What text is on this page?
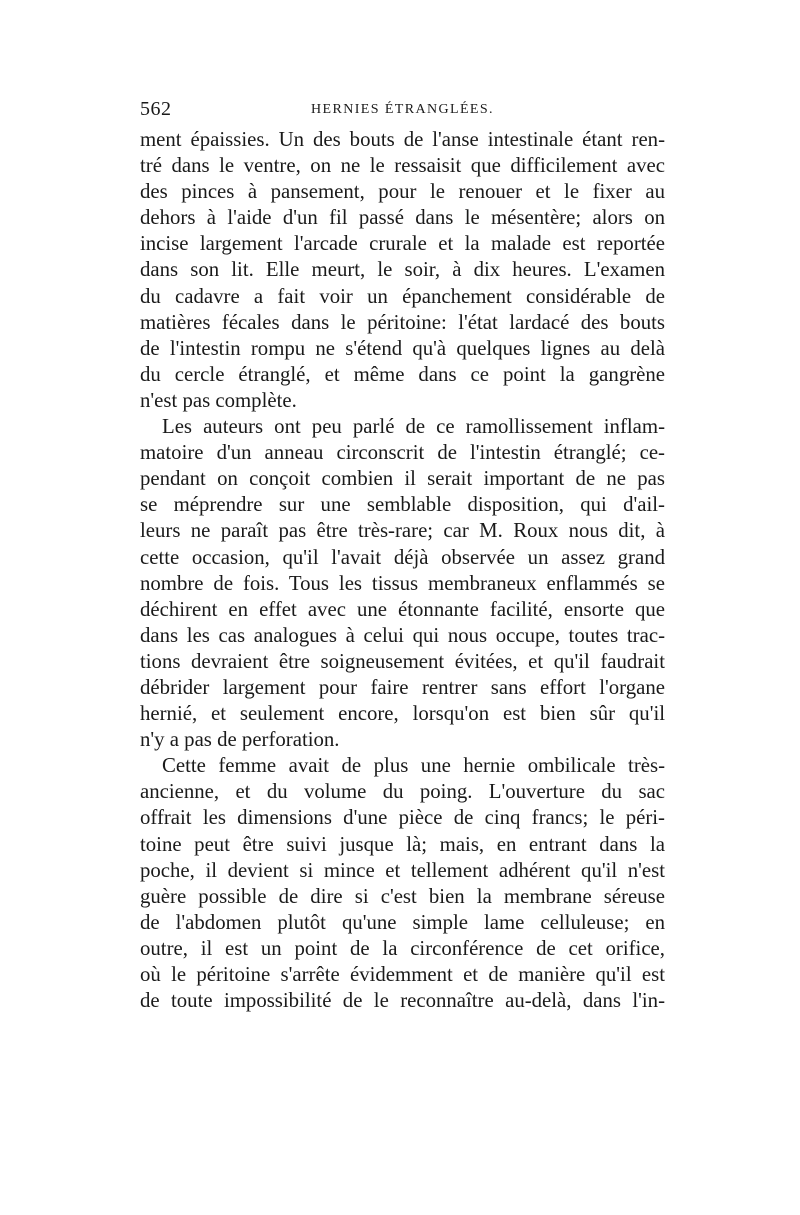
562	HERNIES ÉTRANGLÉES.
ment épaissies. Un des bouts de l'anse intestinale étant ren-
tré dans le ventre, on ne le ressaisit que difficilement avec
des pinces à pansement, pour le renouer et le fixer au
dehors à l'aide d'un fil passé dans le mésentère; alors on
incise largement l'arcade crurale et la malade est reportée
dans son lit. Elle meurt, le soir, à dix heures. L'examen
du cadavre a fait voir un épanchement considérable de
matières fécales dans le péritoine: l'état lardacé des bouts
de l'intestin rompu ne s'étend qu'à quelques lignes au delà
du cercle étranglé, et même dans ce point la gangrène
n'est pas complète.
Les auteurs ont peu parlé de ce ramollissement inflam-
matoire d'un anneau circonscrit de l'intestin étranglé; ce-
pendant on conçoit combien il serait important de ne pas
se méprendre sur une semblable disposition, qui d'ail-
leurs ne paraît pas être très-rare; car M. Roux nous dit, à
cette occasion, qu'il l'avait déjà observée un assez grand
nombre de fois. Tous les tissus membraneux enflammés se
déchirent en effet avec une étonnante facilité, ensorte que
dans les cas analogues à celui qui nous occupe, toutes trac-
tions devraient être soigneusement évitées, et qu'il faudrait
débrider largement pour faire rentrer sans effort l'organe
hernié, et seulement encore, lorsqu'on est bien sûr qu'il
n'y a pas de perforation.
Cette femme avait de plus une hernie ombilicale très-
ancienne, et du volume du poing. L'ouverture du sac
offrait les dimensions d'une pièce de cinq francs; le péri-
toine peut être suivi jusque là; mais, en entrant dans la
poche, il devient si mince et tellement adhérent qu'il n'est
guère possible de dire si c'est bien la membrane séreuse
de l'abdomen plutôt qu'une simple lame celluleuse; en
outre, il est un point de la circonférence de cet orifice,
où le péritoine s'arrête évidemment et de manière qu'il est
de toute impossibilité de le reconnaître au-delà, dans l'in-
